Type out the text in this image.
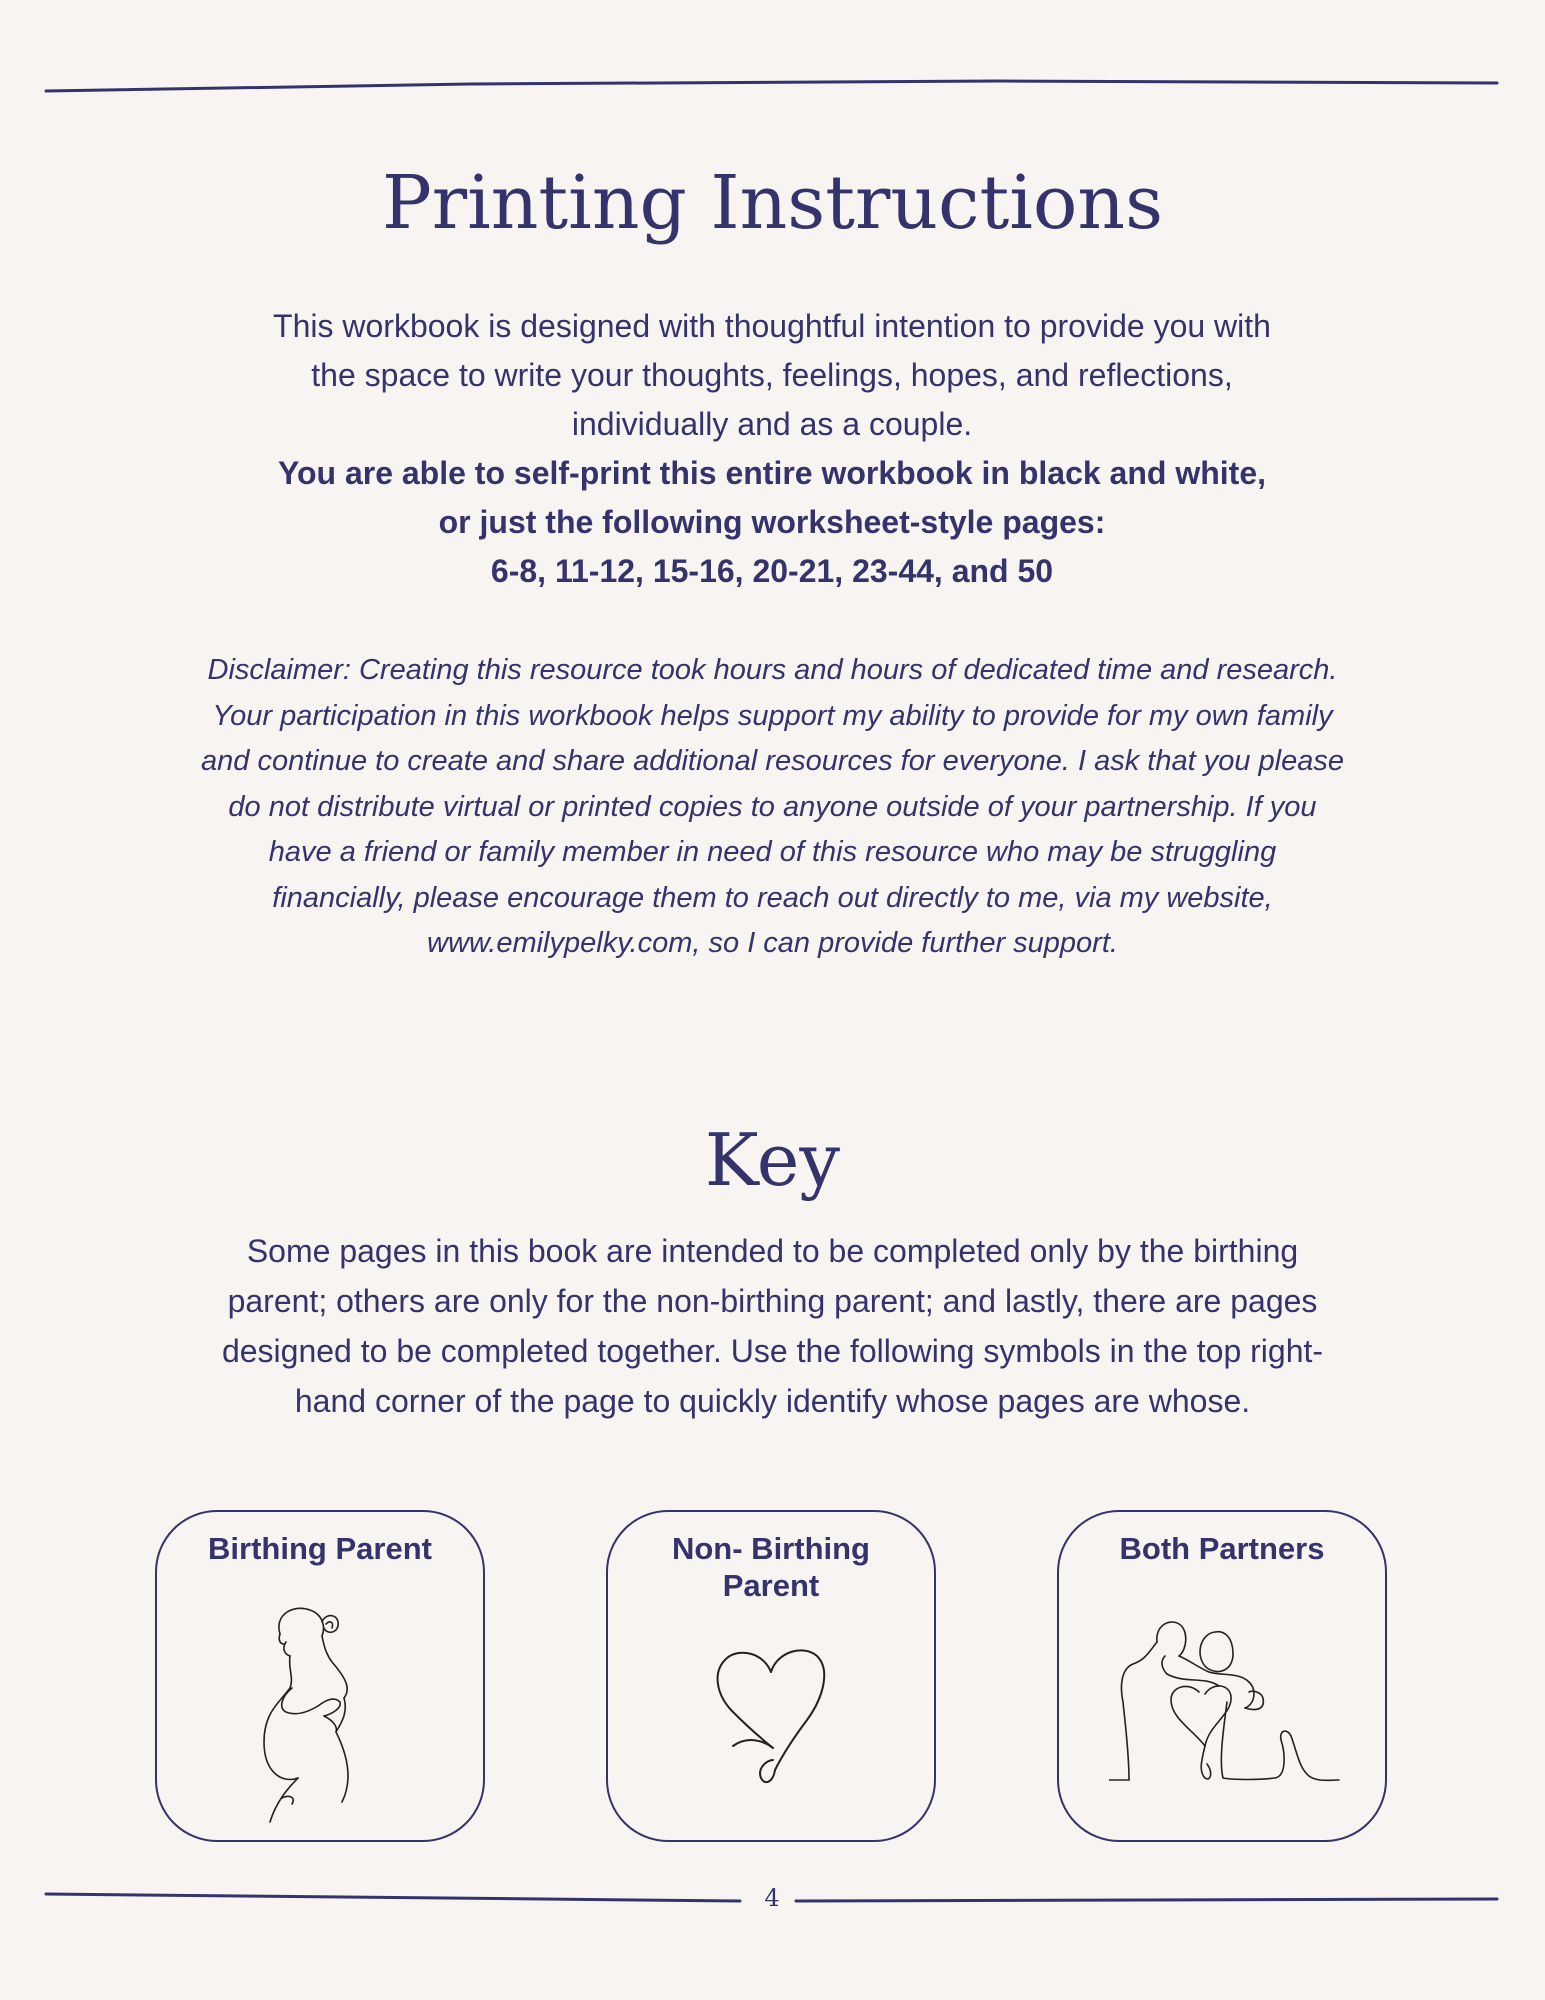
Printing Instructions

This workbook is designed with thoughtful intention to provide you with

the space to write your thoughts, feelings, hopes, and reflections,

individually and as a couple.

You are able to self-print this entire workbook in black and white,

or just the following worksheet-style pages:

6-8, 11-12, 15-16, 20-21, 23-44, and 50

Disclaimer: Creating this resource took hours and hours of dedicated time and research.
Your participation in this workbook helps support my ability to provide for my own family
and continue to create and share additional resources for everyone. I ask that you please
do not distribute virtual or printed copies to anyone outside of your partnership. If you
have a friend or family member in need of this resource who may be struggling
financially, please encourage them to reach out directly to me, via my website,
www.emilypelky.com, so I can provide further support.
Key
Some pages in this book are intended to be completed only by the birthing
parent; others are only for the non-birthing parent; and lastly, there are pages
designed to be completed together. Use the following symbols in the top right-
hand corner of the page to quickly identify whose pages are whose.
Birthing Parent	Non- Birthing
Parent
Both Partners
4
